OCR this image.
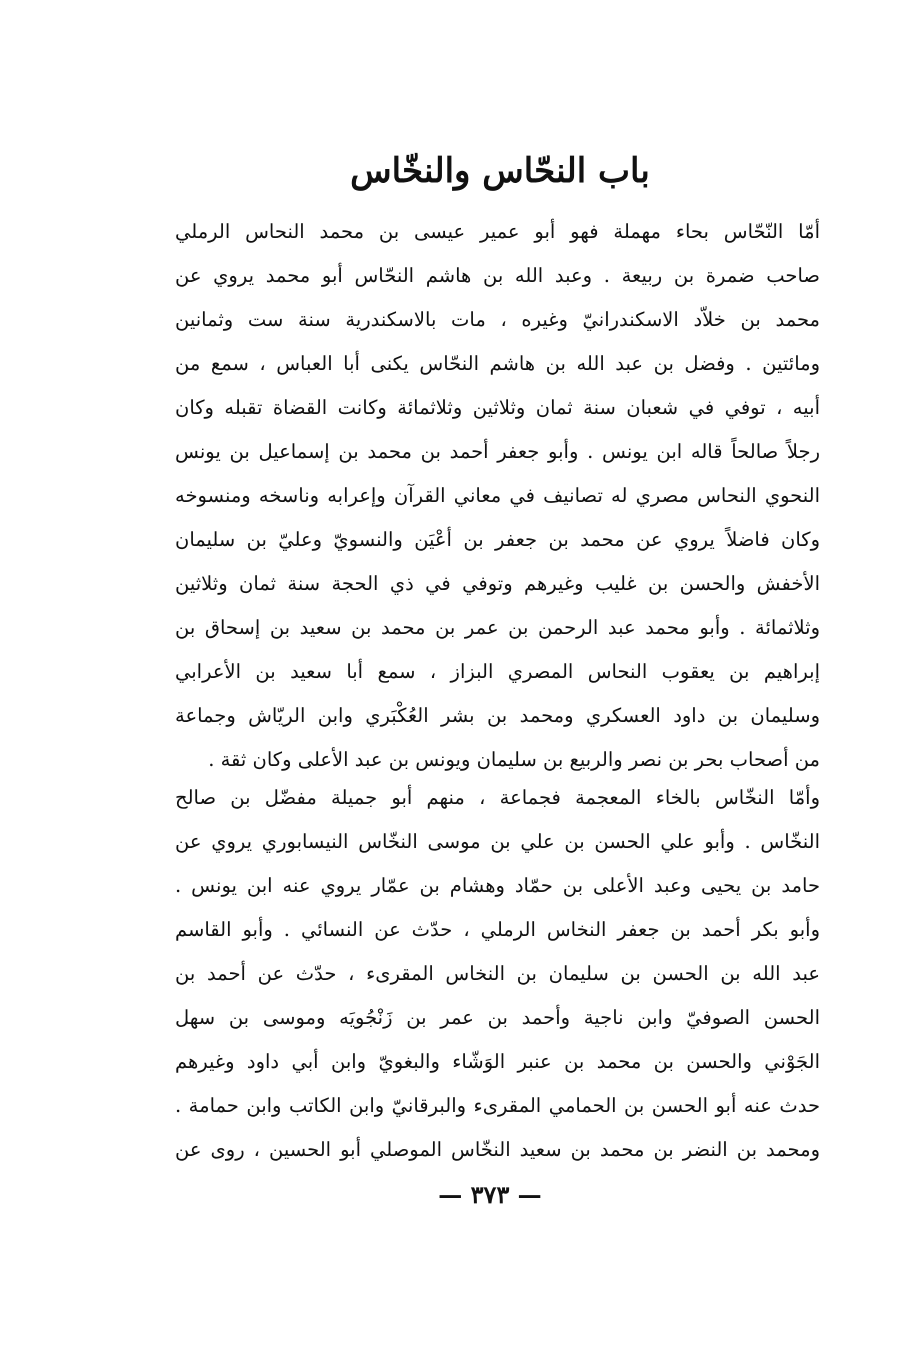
باب النحّاس والنخّاس
أمّا النّحّاس بحاء مهملة فهو أبو عمير عيسى بن محمد النحاس الرملي
صاحب ضمرة بن ربيعة . وعبد الله بن هاشم النحّاس أبو محمد يروي عن
محمد بن خلاّد الاسكندرانيّ وغيره ، مات بالاسكندرية سنة ست وثمانين
ومائتين . وفضل بن عبد الله بن هاشم النحّاس يكنى أبا العباس ، سمع من
أبيه ، توفي في شعبان سنة ثمان وثلاثين وثلاثمائة وكانت القضاة تقبله وكان
رجلاً صالحاً قاله ابن يونس . وأبو جعفر أحمد بن محمد بن إسماعيل بن يونس
النحوي النحاس مصري له تصانيف في معاني القرآن وإعرابه وناسخه ومنسوخه
وكان فاضلاً يروي عن محمد بن جعفر بن أعْيَن والنسويّ وعليّ بن سليمان
الأخفش والحسن بن غليب وغيرهم وتوفي في ذي الحجة سنة ثمان وثلاثين
وثلاثمائة . وأبو محمد عبد الرحمن بن عمر بن محمد بن سعيد بن إسحاق بن
إبراهيم بن يعقوب النحاس المصري البزاز ، سمع أبا سعيد بن الأعرابي
وسليمان بن داود العسكري ومحمد بن بشر العُكْبَري وابن الريّاش وجماعة
من أصحاب بحر بن نصر والربيع بن سليمان ويونس بن عبد الأعلى وكان ثقة .
وأمّا النخّاس بالخاء المعجمة فجماعة ، منهم أبو جميلة مفضّل بن صالح
النخّاس . وأبو علي الحسن بن علي بن موسى النخّاس النيسابوري يروي عن
حامد بن يحيى وعبد الأعلى بن حمّاد وهشام بن عمّار يروي عنه ابن يونس .
وأبو بكر أحمد بن جعفر النخاس الرملي ، حدّث عن النسائي . وأبو القاسم
عبد الله بن الحسن بن سليمان بن النخاس المقرىء ، حدّث عن أحمد بن
الحسن الصوفيّ وابن ناجية وأحمد بن عمر بن زَنْجُويَه وموسى بن سهل
الجَوْني والحسن بن محمد بن عنبر الوَشّاء والبغويّ وابن أبي داود وغيرهم
حدث عنه أبو الحسن بن الحمامي المقرىء والبرقانيّ وابن الكاتب وابن حمامة .
ومحمد بن النضر بن محمد بن سعيد النخّاس الموصلي أبو الحسين ، روى عن
— ٣٧٣ —
